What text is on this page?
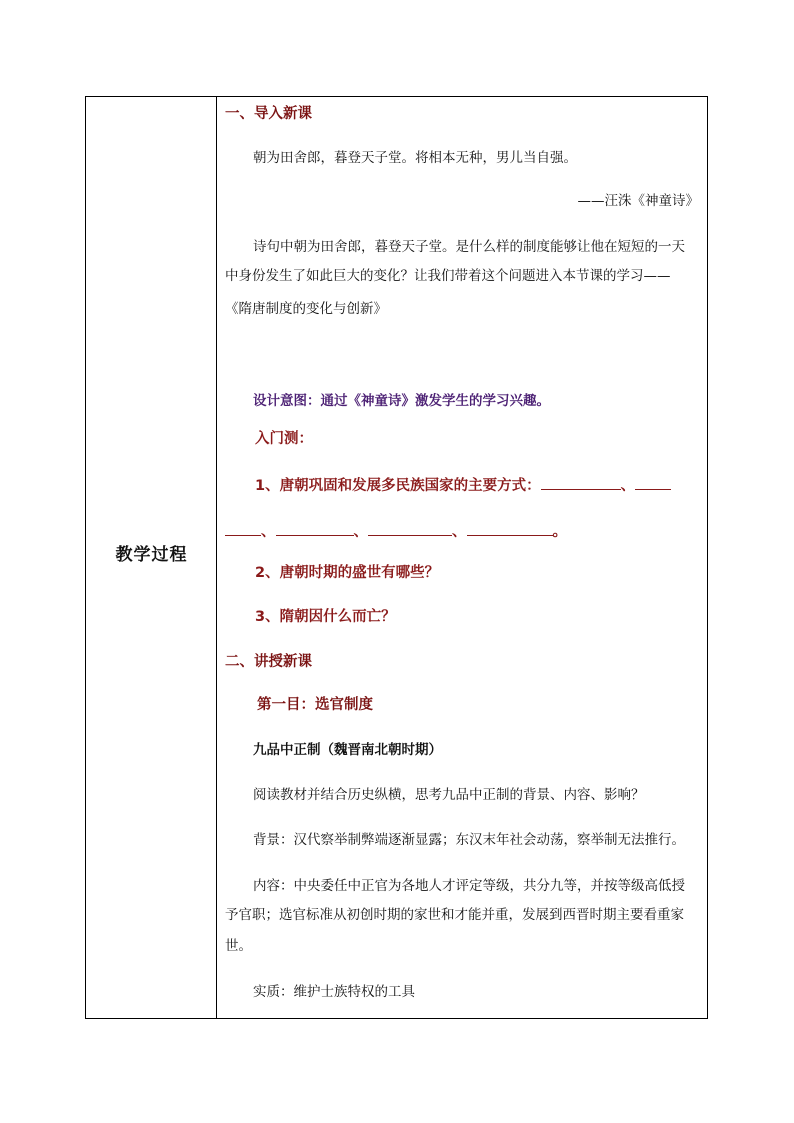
教学过程
一、导入新课
朝为田舍郎，暮登天子堂。将相本无种，男儿当自强。
——汪洙《神童诗》
诗句中朝为田舍郎，暮登天子堂。是什么样的制度能够让他在短短的一天
中身份发生了如此巨大的变化？让我们带着这个问题进入本节课的学习——
《隋唐制度的变化与创新》
设计意图：通过《神童诗》激发学生的学习兴趣。
入门测：
1、唐朝巩固和发展多民族国家的主要方式：	、
、	、	、	。
2、唐朝时期的盛世有哪些？
3、隋朝因什么而亡？
二、讲授新课
第一目：选官制度
九品中正制（魏晋南北朝时期）
阅读教材并结合历史纵横，思考九品中正制的背景、内容、影响？
背景：汉代察举制弊端逐渐显露；东汉末年社会动荡，察举制无法推行。
内容：中央委任中正官为各地人才评定等级，共分九等，并按等级高低授
予官职；选官标准从初创时期的家世和才能并重，发展到西晋时期主要看重家
世。
实质：维护士族特权的工具
